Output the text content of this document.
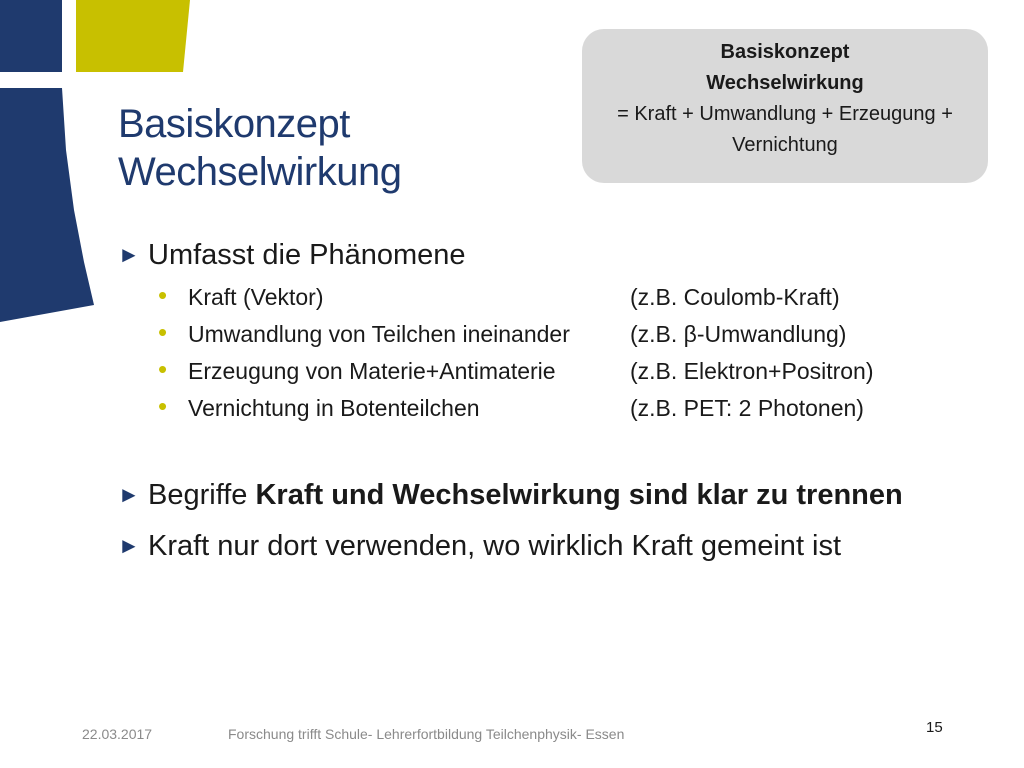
Basiskonzept
Wechselwirkung
Basiskonzept
Wechselwirkung
= Kraft + Umwandlung + Erzeugung +
Vernichtung
► Umfasst die Phänomene
• Kraft (Vektor)	(z.B. Coulomb-Kraft)
• Umwandlung von Teilchen ineinander	(z.B. β-Umwandlung)
• Erzeugung von Materie+Antimaterie	(z.B. Elektron+Positron)
• Vernichtung in Botenteilchen	(z.B. PET: 2 Photonen)
► Begriffe Kraft und Wechselwirkung sind klar zu trennen
► Kraft nur dort verwenden, wo wirklich Kraft gemeint ist
22.03.2017	Forschung trifft Schule- Lehrerfortbildung Teilchenphysik- Essen	15
